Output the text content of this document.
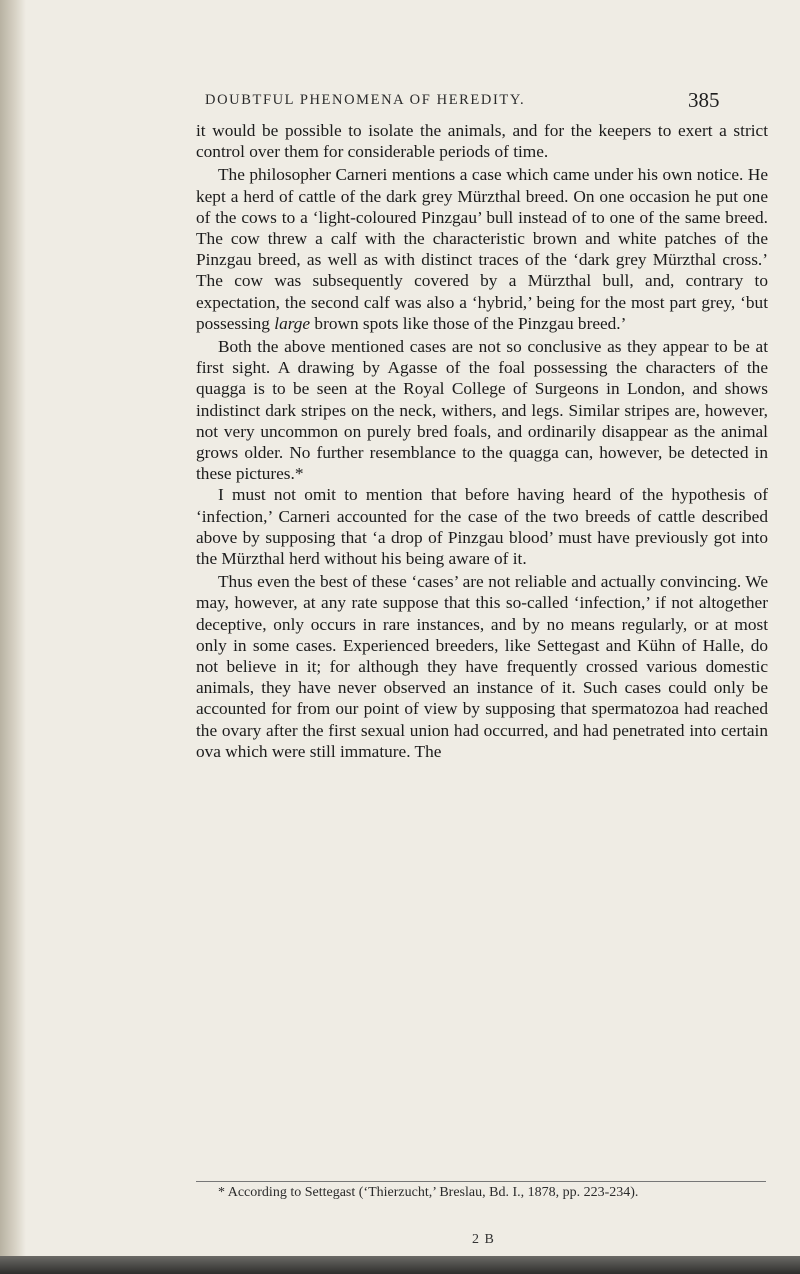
DOUBTFUL PHENOMENA OF HEREDITY.	385

it would be possible to isolate the animals, and for the keepers to exert a strict control over them for considerable periods of time.

The philosopher Carneri mentions a case which came under his own notice. He kept a herd of cattle of the dark grey Mürzthal breed. On one occasion he put one of the cows to a ‘light-coloured Pinzgau’ bull instead of to one of the same breed. The cow threw a calf with the characteristic brown and white patches of the Pinzgau breed, as well as with distinct traces of the ‘dark grey Mürzthal cross.’ The cow was subsequently covered by a Mürzthal bull, and, contrary to expectation, the second calf was also a ‘hybrid,’ being for the most part grey, ‘but possessing large brown spots like those of the Pinzgau breed.’

Both the above mentioned cases are not so conclusive as they appear to be at first sight. A drawing by Agasse of the foal possessing the characters of the quagga is to be seen at the Royal College of Surgeons in London, and shows indistinct dark stripes on the neck, withers, and legs. Similar stripes are, however, not very uncommon on purely bred foals, and ordinarily disappear as the animal grows older. No further resemblance to the quagga can, however, be detected in these pictures.*

I must not omit to mention that before having heard of the hypothesis of ‘infection,’ Carneri accounted for the case of the two breeds of cattle described above by supposing that ‘a drop of Pinzgau blood’ must have previously got into the Mürzthal herd without his being aware of it.

Thus even the best of these ‘cases’ are not reliable and actually convincing. We may, however, at any rate suppose that this so-called ‘infection,’ if not altogether deceptive, only occurs in rare instances, and by no means regularly, or at most only in some cases. Experienced breeders, like Settegast and Kühn of Halle, do not believe in it; for although they have frequently crossed various domestic animals, they have never observed an instance of it. Such cases could only be accounted for from our point of view by supposing that spermatozoa had reached the ovary after the first sexual union had occurred, and had penetrated into certain ova which were still immature. The

* According to Settegast (‘Thierzucht,’ Breslau, Bd. I., 1878, pp. 223-234).
2 B
